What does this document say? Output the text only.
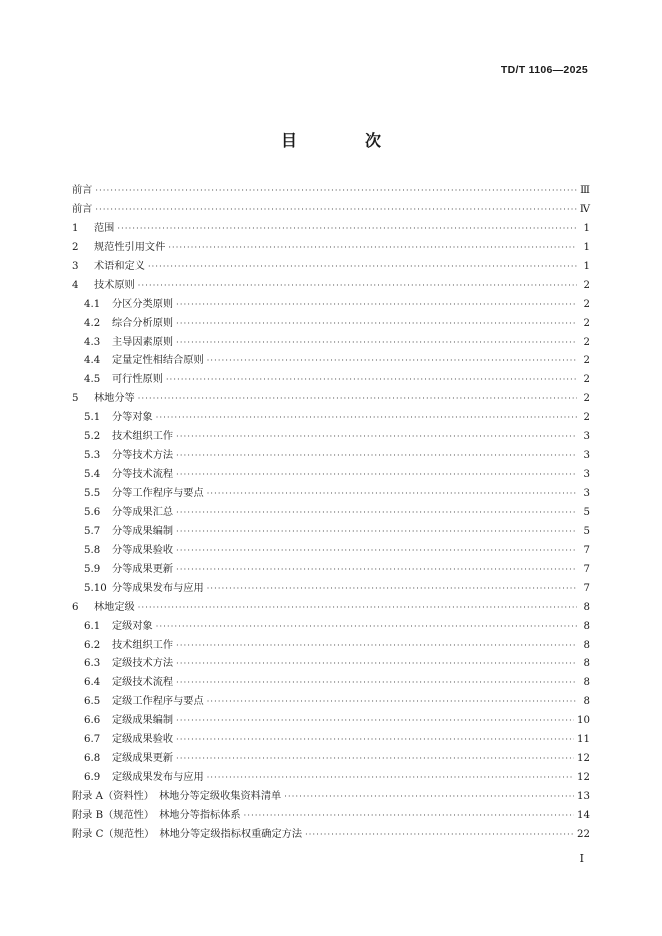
TD/T 1106—2025
目　次
前言 ·····	Ⅲ
前言 ·····	Ⅳ
1	范围 ·····	1
2	规范性引用文件 ·····	1
3	术语和定义 ·····	1
4	技术原则 ·····	2
4.1	分区分类原则 ·····	2
4.2	综合分析原则 ·····	2
4.3	主导因素原则 ·····	2
4.4	定量定性相结合原则 ·····	2
4.5	可行性原则 ·····	2
5	林地分等 ·····	2
5.1	分等对象 ·····	2
5.2	技术组织工作 ·····	3
5.3	分等技术方法 ·····	3
5.4	分等技术流程 ·····	3
5.5	分等工作程序与要点 ·····	3
5.6	分等成果汇总 ·····	5
5.7	分等成果编制 ·····	5
5.8	分等成果验收 ·····	7
5.9	分等成果更新 ·····	7
5.10 分等成果发布与应用 ·····	7
6	林地定级 ·····	8
6.1	定级对象 ·····	8
6.2	技术组织工作 ·····	8
6.3	定级技术方法 ·····	8
6.4	定级技术流程 ·····	8
6.5	定级工作程序与要点 ·····	8
6.6	定级成果编制 ·····	10
6.7	定级成果验收 ·····	11
6.8	定级成果更新 ·····	12
6.9	定级成果发布与应用 ·····	12
附录 A（资料性）　林地分等定级收集资料清单 ·····	13
附录 B（规范性）　林地分等指标体系 ·····	14
附录 C（规范性）　林地分等定级指标权重确定方法 ·····	22
Ⅰ
